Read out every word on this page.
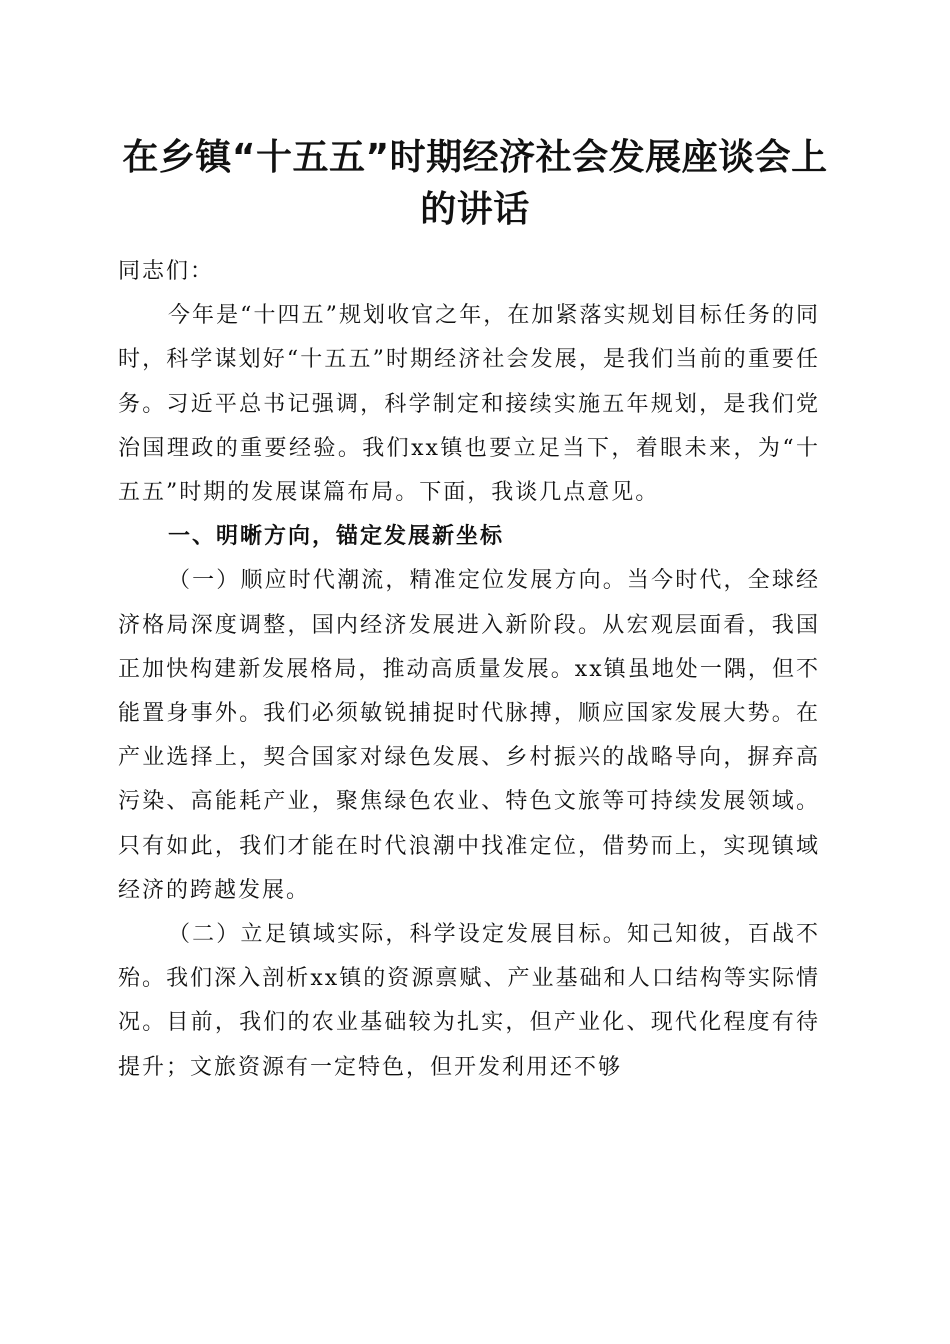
在乡镇“十五五”时期经济社会发展座谈会上的讲话

同志们：

今年是“十四五”规划收官之年，在加紧落实规划目标任务的同时，科学谋划好“十五五”时期经济社会发展，是我们当前的重要任务。习近平总书记强调，科学制定和接续实施五年规划，是我们党治国理政的重要经验。我们xx镇也要立足当下，着眼未来，为“十五五”时期的发展谋篇布局。下面，我谈几点意见。

一、明晰方向，锚定发展新坐标

（一）顺应时代潮流，精准定位发展方向。当今时代，全球经济格局深度调整，国内经济发展进入新阶段。从宏观层面看，我国正加快构建新发展格局，推动高质量发展。xx镇虽地处一隅，但不能置身事外。我们必须敏锐捕捉时代脉搏，顺应国家发展大势。在产业选择上，契合国家对绿色发展、乡村振兴的战略导向，摒弃高污染、高能耗产业，聚焦绿色农业、特色文旅等可持续发展领域。只有如此，我们才能在时代浪潮中找准定位，借势而上，实现镇域经济的跨越发展。

（二）立足镇域实际，科学设定发展目标。知己知彼，百战不殆。我们深入剖析xx镇的资源禀赋、产业基础和人口结构等实际情况。目前，我们的农业基础较为扎实，但产业化、现代化程度有待提升；文旅资源有一定特色，但开发利用还不够
